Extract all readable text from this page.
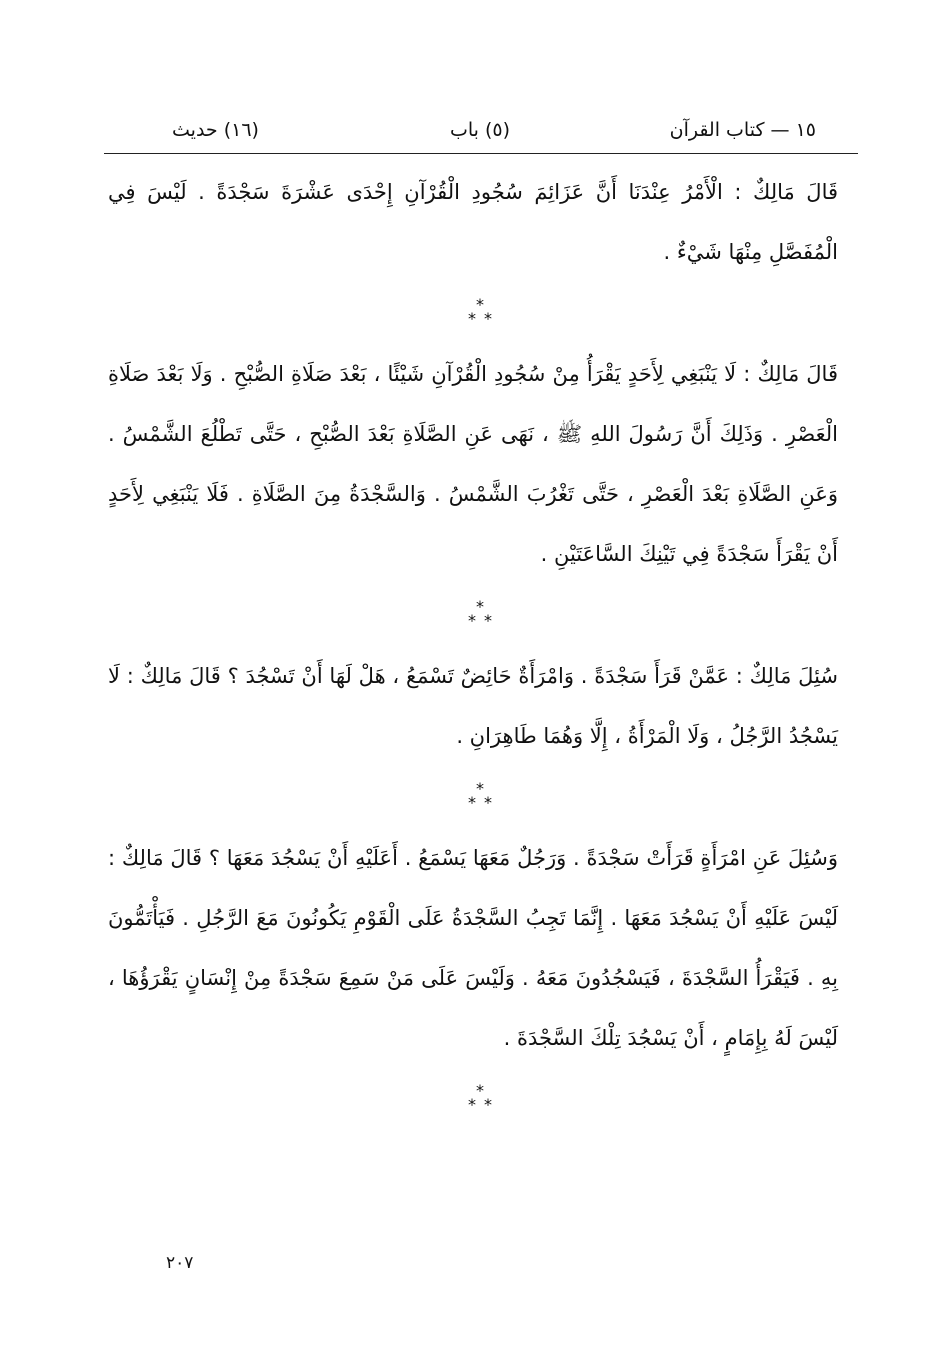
١٥ — كتاب القرآن
(٥) باب
(١٦) حديث

قَالَ مَالِكٌ : الْأَمْرُ عِنْدَنَا أَنَّ عَزَائِمَ سُجُودِ الْقُرْآنِ إِحْدَى عَشْرَةَ سَجْدَةً . لَيْسَ فِي الْمُفَصَّلِ مِنْهَا شَيْءٌ .

*
* *

قَالَ مَالِكٌ : لَا يَنْبَغِي لِأَحَدٍ يَقْرَأُ مِنْ سُجُودِ الْقُرْآنِ شَيْئًا ، بَعْدَ صَلَاةِ الصُّبْحِ . وَلَا بَعْدَ صَلَاةِ الْعَصْرِ . وَذَلِكَ أَنَّ رَسُولَ اللهِ ﷺ ، نَهَى عَنِ الصَّلَاةِ بَعْدَ الصُّبْحِ ، حَتَّى تَطْلُعَ الشَّمْسُ . وَعَنِ الصَّلَاةِ بَعْدَ الْعَصْرِ ، حَتَّى تَغْرُبَ الشَّمْسُ . وَالسَّجْدَةُ مِنَ الصَّلَاةِ . فَلَا يَنْبَغِي لِأَحَدٍ أَنْ يَقْرَأَ سَجْدَةً فِي تَيْنِكَ السَّاعَتَيْنِ .

*
* *

سُئِلَ مَالِكٌ : عَمَّنْ قَرَأَ سَجْدَةً . وَامْرَأَةٌ حَائِضٌ تَسْمَعُ ، هَلْ لَهَا أَنْ تَسْجُدَ ؟ قَالَ مَالِكٌ : لَا يَسْجُدُ الرَّجُلُ ، وَلَا الْمَرْأَةُ ، إِلَّا وَهُمَا طَاهِرَانِ .

*
* *

وَسُئِلَ عَنِ امْرَأَةٍ قَرَأَتْ سَجْدَةً . وَرَجُلٌ مَعَهَا يَسْمَعُ . أَعَلَيْهِ أَنْ يَسْجُدَ مَعَهَا ؟ قَالَ مَالِكٌ : لَيْسَ عَلَيْهِ أَنْ يَسْجُدَ مَعَهَا . إِنَّمَا تَجِبُ السَّجْدَةُ عَلَى الْقَوْمِ يَكُونُونَ مَعَ الرَّجُلِ . فَيَأْتَمُّونَ بِهِ . فَيَقْرَأُ السَّجْدَةَ ، فَيَسْجُدُونَ مَعَهُ . وَلَيْسَ عَلَى مَنْ سَمِعَ سَجْدَةً مِنْ إِنْسَانٍ يَقْرَؤُهَا ، لَيْسَ لَهُ بِإِمَامٍ ، أَنْ يَسْجُدَ تِلْكَ السَّجْدَةَ .

*
* *
٢٠٧
